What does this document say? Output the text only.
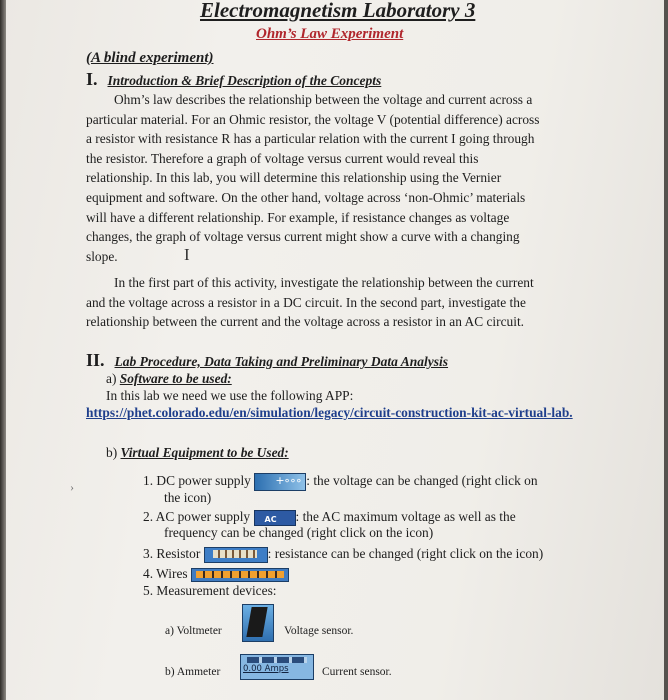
Electromagnetism Laboratory 3
Ohm’s Law Experiment
(A blind experiment)
I. Introduction & Brief Description of the Concepts
Ohm’s law describes the relationship between the voltage and current across a
particular material. For an Ohmic resistor, the voltage V (potential difference) across
a resistor with resistance R has a particular relation with the current I going through
the resistor. Therefore a graph of voltage versus current would reveal this
relationship. In this lab, you will determine this relationship using the Vernier
equipment and software. On the other hand, voltage across ‘non-Ohmic’ materials
will have a different relationship. For example, if resistance changes as voltage
changes, the graph of voltage versus current might show a curve with a changing
slope.	I
In the first part of this activity, investigate the relationship between the current
and the voltage across a resistor in a DC circuit. In the second part, investigate the
relationship between the current and the voltage across a resistor in an AC circuit.
II. Lab Procedure, Data Taking and Preliminary Data Analysis
a) Software to be used:
In this lab we need we use the following APP:
https://phet.colorado.edu/en/simulation/legacy/circuit-construction-kit-ac-virtual-lab.
b) Virtual Equipment to be Used:
1. DC power supply +∘∘∘ : the voltage can be changed (right click on
the icon)
2. AC power supply AC : the AC maximum voltage as well as the
frequency can be changed (right click on the icon)
3. Resistor	: resistance can be changed (right click on the icon)
4. Wires
5. Measurement devices:
a) Voltmeter	Voltage sensor.
b) Ammeter	0.00 Amps	Current sensor.
›
